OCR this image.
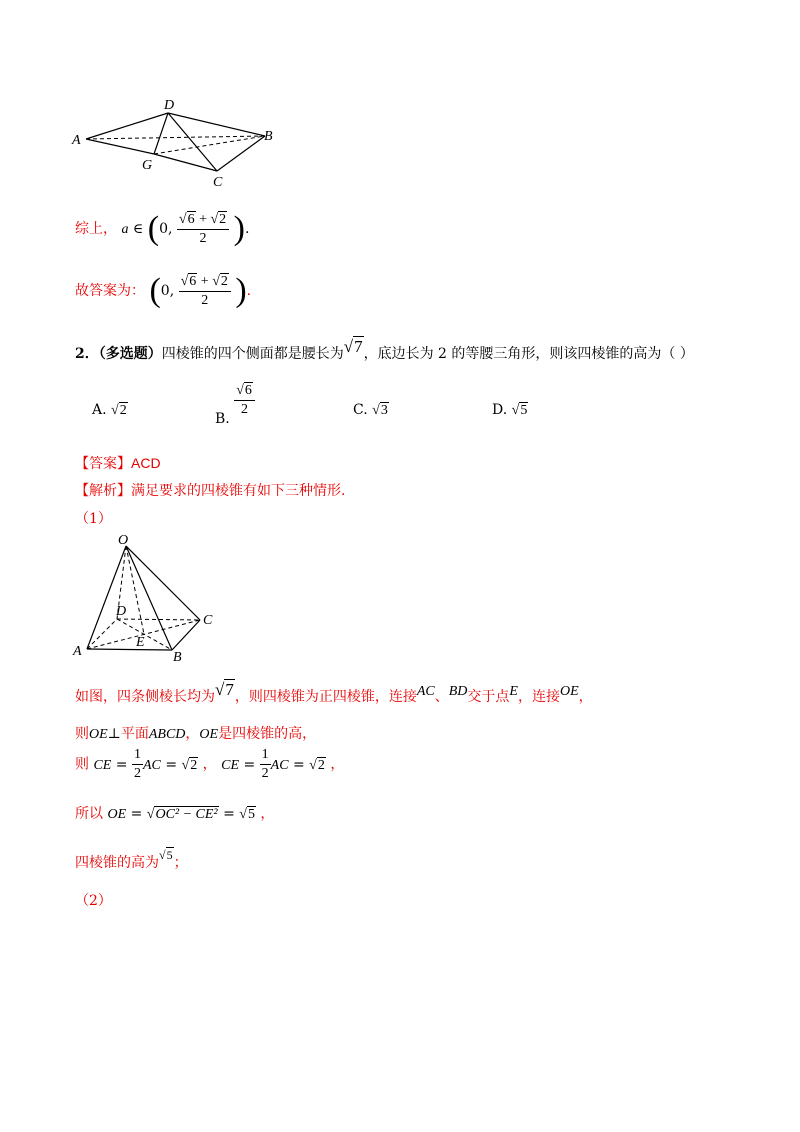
A
D
B
G
C
综上， a ∈ (0, $\frac{√6 + √2}{2}$ ).
故答案为： (0, $\frac{√6 + √2}{2}$ ).
2．（多选题）四棱锥的四个侧面都是腰长为√7，底边长为 2 的等腰三角形，则该四棱锥的高为（ ）
A. √2	B.
$\frac{√6}{2}$	C. √3	D. √5
【答案】ACD
【解析】满足要求的四棱锥有如下三种情形.
（1）
O
D
C
E
A	B
如图，四条侧棱长均为√7，则四棱锥为正四棱锥，连接AC、BD交于点E，连接OE，
则OE⊥平面ABCD，OE是四棱锥的高，
则 CE = $\frac{1}{2}$ AC = √2 ， CE = $\frac{1}{2}$ AC = √2 ，
所以 OE = √OC² − CE² = √5 ，
四棱锥的高为√5；
（2）
